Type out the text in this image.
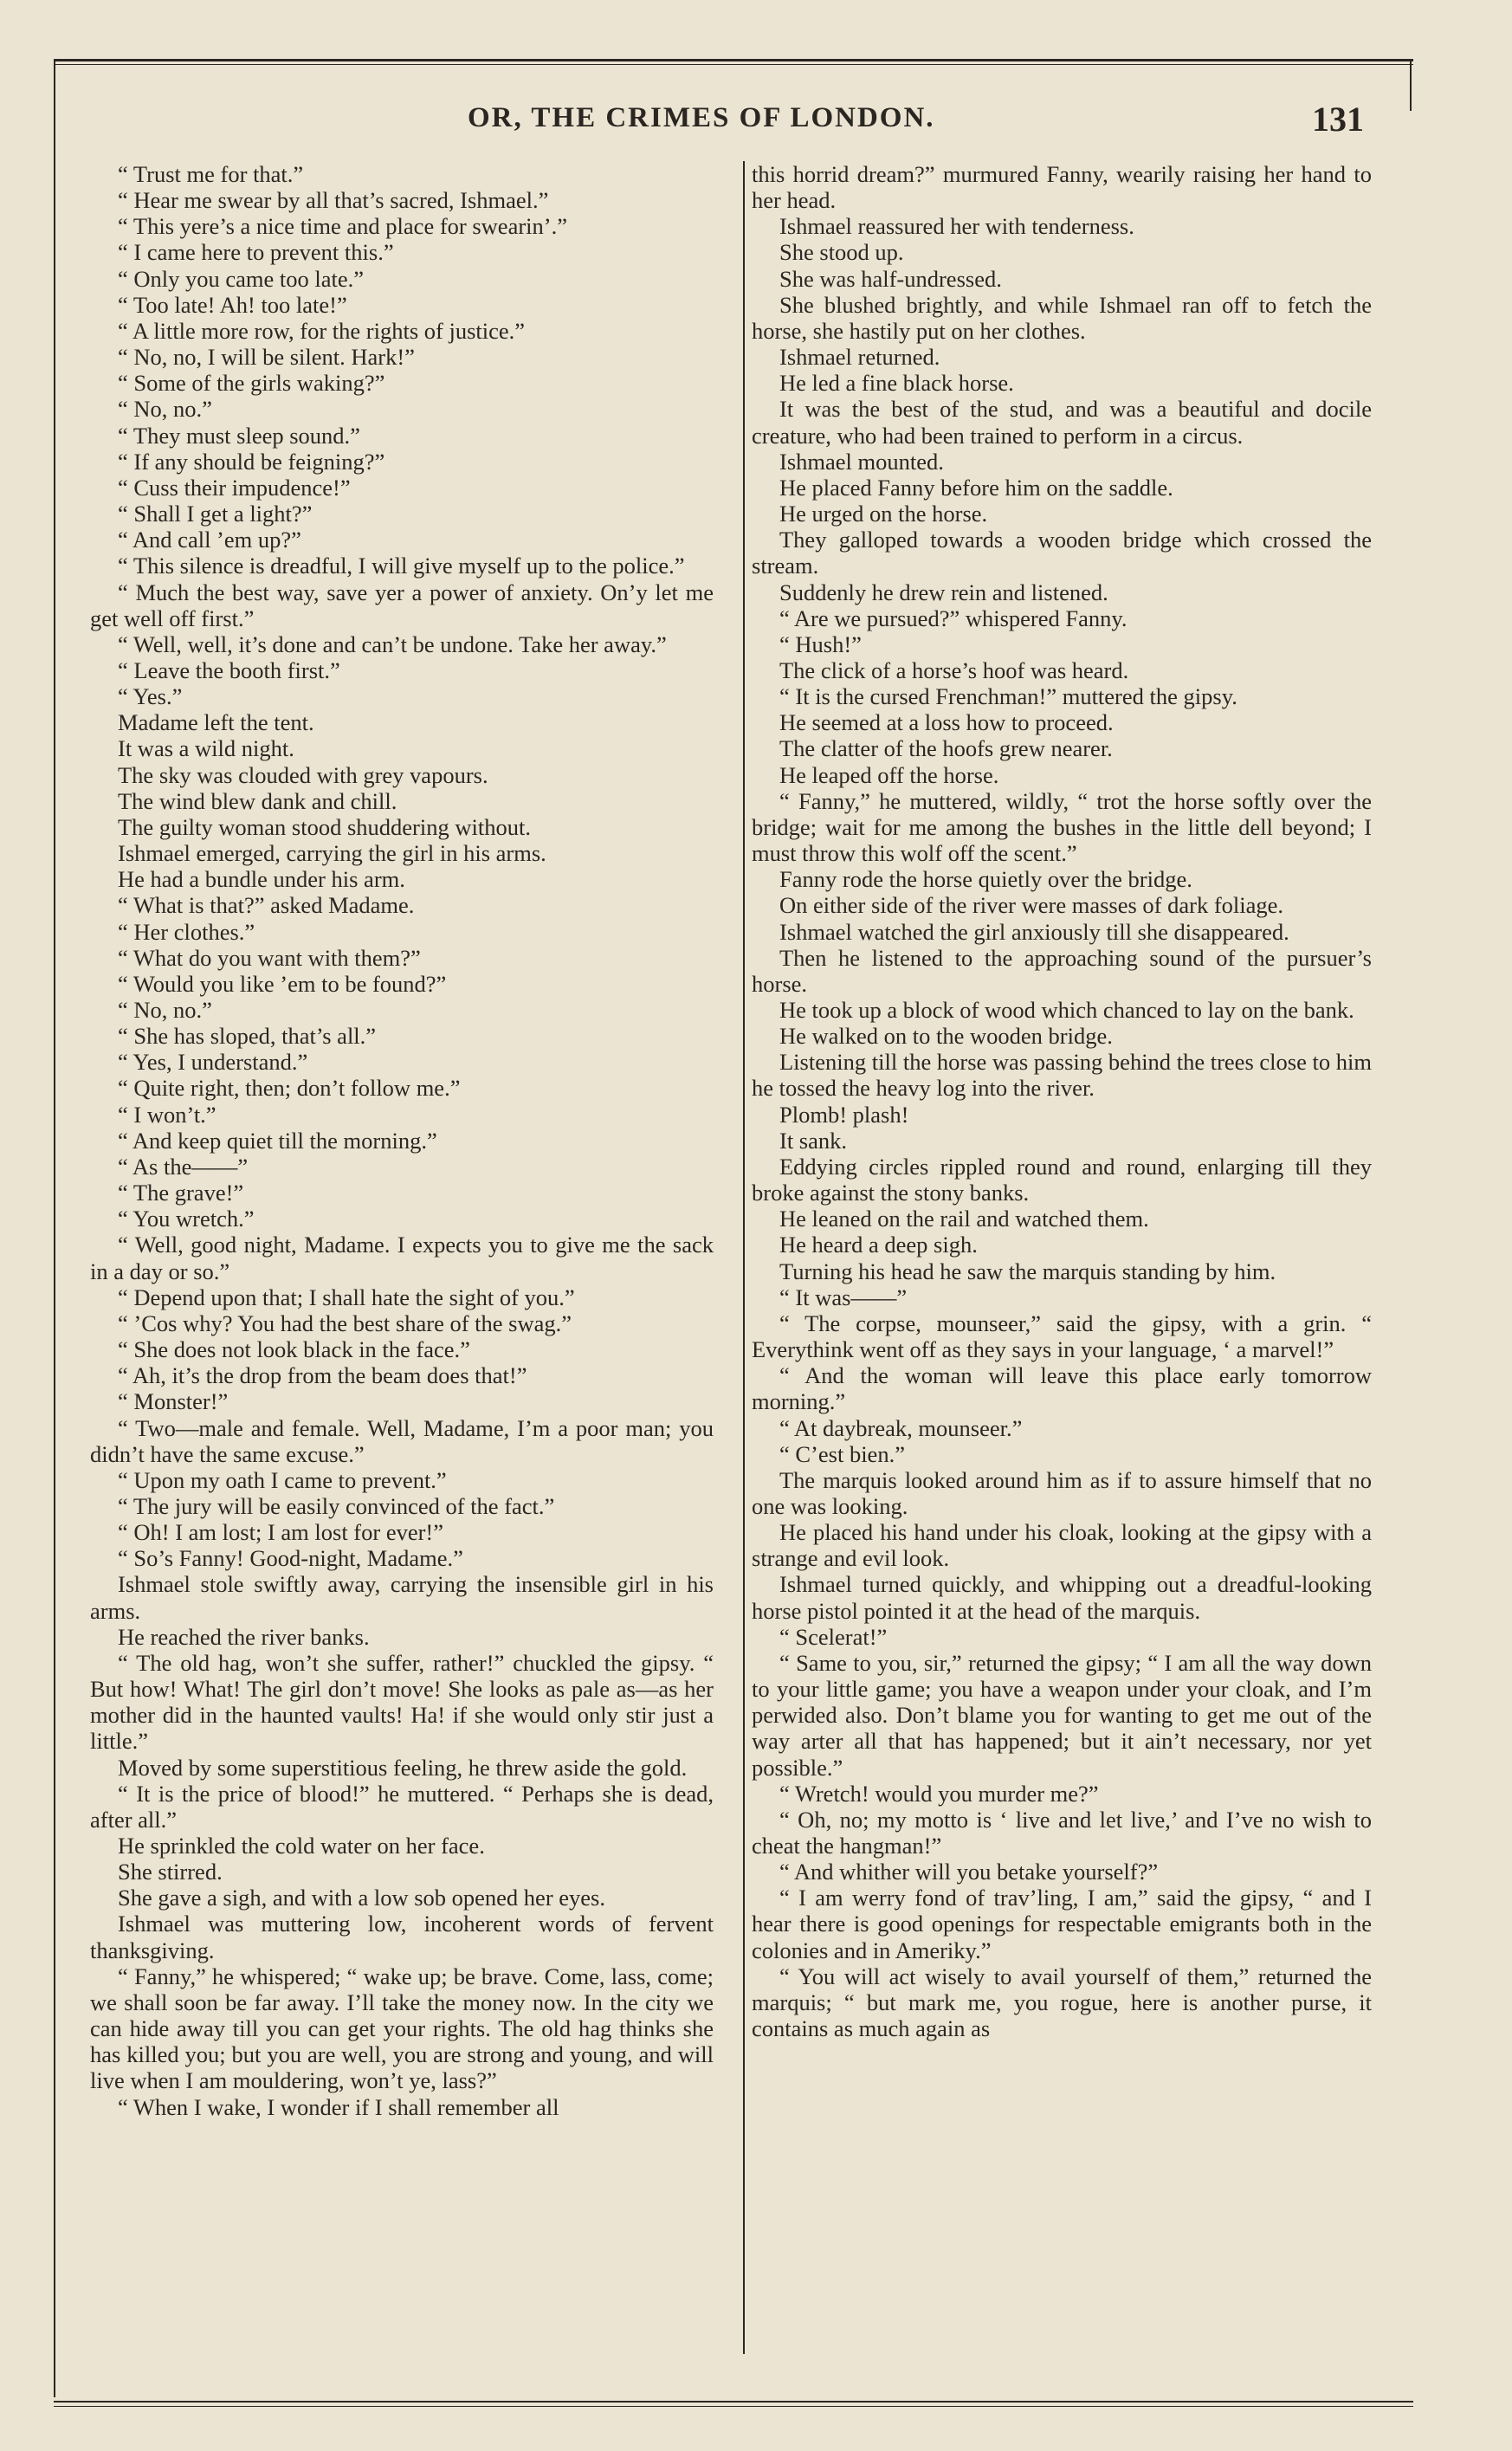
OR, THE CRIMES OF LONDON.	131

“ Trust me for that.”

“ Hear me swear by all that’s sacred, Ishmael.”

“ This yere’s a nice time and place for swearin’.”

“ I came here to prevent this.”

“ Only you came too late.”

“ Too late! Ah! too late!”

“ A little more row, for the rights of justice.”

“ No, no, I will be silent. Hark!”

“ Some of the girls waking?”

“ No, no.”

“ They must sleep sound.”

“ If any should be feigning?”

“ Cuss their impudence!”

“ Shall I get a light?”

“ And call ’em up?”

“ This silence is dreadful, I will give myself up to the police.”

“ Much the best way, save yer a power of anxiety. On’y let me get well off first.”

“ Well, well, it’s done and can’t be undone. Take her away.”

“ Leave the booth first.”

“ Yes.”

Madame left the tent.

It was a wild night.

The sky was clouded with grey vapours.

The wind blew dank and chill.

The guilty woman stood shuddering without.

Ishmael emerged, carrying the girl in his arms.

He had a bundle under his arm.

“ What is that?” asked Madame.

“ Her clothes.”

“ What do you want with them?”

“ Would you like ’em to be found?”

“ No, no.”

“ She has sloped, that’s all.”

“ Yes, I understand.”

“ Quite right, then; don’t follow me.”

“ I won’t.”

“ And keep quiet till the morning.”

“ As the——”

“ The grave!”

“ You wretch.”

“ Well, good night, Madame. I expects you to give me the sack in a day or so.”

“ Depend upon that; I shall hate the sight of you.”

“ ’Cos why? You had the best share of the swag.”

“ She does not look black in the face.”

“ Ah, it’s the drop from the beam does that!”

“ Monster!”

“ Two—male and female. Well, Madame, I’m a poor man; you didn’t have the same excuse.”

“ Upon my oath I came to prevent.”

“ The jury will be easily convinced of the fact.”

“ Oh! I am lost; I am lost for ever!”

“ So’s Fanny! Good-night, Madame.”

Ishmael stole swiftly away, carrying the insensible girl in his arms.

He reached the river banks.

“ The old hag, won’t she suffer, rather!” chuckled the gipsy. “ But how! What! The girl don’t move! She looks as pale as—as her mother did in the haunted vaults! Ha! if she would only stir just a little.”

Moved by some superstitious feeling, he threw aside the gold.

“ It is the price of blood!” he muttered. “ Perhaps she is dead, after all.”

He sprinkled the cold water on her face.

She stirred.

She gave a sigh, and with a low sob opened her eyes.

Ishmael was muttering low, incoherent words of fervent thanksgiving.

“ Fanny,” he whispered; “ wake up; be brave. Come, lass, come; we shall soon be far away. I’ll take the money now. In the city we can hide away till you can get your rights. The old hag thinks she has killed you; but you are well, you are strong and young, and will live when I am mouldering, won’t ye, lass?”

“ When I wake, I wonder if I shall remember all

this horrid dream?” murmured Fanny, wearily raising her hand to her head.

Ishmael reassured her with tenderness.

She stood up.

She was half-undressed.

She blushed brightly, and while Ishmael ran off to fetch the horse, she hastily put on her clothes.

Ishmael returned.

He led a fine black horse.

It was the best of the stud, and was a beautiful and docile creature, who had been trained to perform in a circus.

Ishmael mounted.

He placed Fanny before him on the saddle.

He urged on the horse.

They galloped towards a wooden bridge which crossed the stream.

Suddenly he drew rein and listened.

“ Are we pursued?” whispered Fanny.

“ Hush!”

The click of a horse’s hoof was heard.

“ It is the cursed Frenchman!” muttered the gipsy.

He seemed at a loss how to proceed.

The clatter of the hoofs grew nearer.

He leaped off the horse.

“ Fanny,” he muttered, wildly, “ trot the horse softly over the bridge; wait for me among the bushes in the little dell beyond; I must throw this wolf off the scent.”

Fanny rode the horse quietly over the bridge.

On either side of the river were masses of dark foliage.

Ishmael watched the girl anxiously till she disappeared.

Then he listened to the approaching sound of the pursuer’s horse.

He took up a block of wood which chanced to lay on the bank.

He walked on to the wooden bridge.

Listening till the horse was passing behind the trees close to him he tossed the heavy log into the river.

Plomb! plash!

It sank.

Eddying circles rippled round and round, enlarging till they broke against the stony banks.

He leaned on the rail and watched them.

He heard a deep sigh.

Turning his head he saw the marquis standing by him.

“ It was——”

“ The corpse, mounseer,” said the gipsy, with a grin. “ Everythink went off as they says in your language, ‘ a marvel!”

“ And the woman will leave this place early tomorrow morning.”

“ At daybreak, mounseer.”

“ C’est bien.”

The marquis looked around him as if to assure himself that no one was looking.

He placed his hand under his cloak, looking at the gipsy with a strange and evil look.

Ishmael turned quickly, and whipping out a dreadful-looking horse pistol pointed it at the head of the marquis.

“ Scelerat!”

“ Same to you, sir,” returned the gipsy; “ I am all the way down to your little game; you have a weapon under your cloak, and I’m perwided also. Don’t blame you for wanting to get me out of the way arter all that has happened; but it ain’t necessary, nor yet possible.”

“ Wretch! would you murder me?”

“ Oh, no; my motto is ‘ live and let live,’ and I’ve no wish to cheat the hangman!”

“ And whither will you betake yourself?”

“ I am werry fond of trav’ling, I am,” said the gipsy, “ and I hear there is good openings for respectable emigrants both in the colonies and in Ameriky.”

“ You will act wisely to avail yourself of them,” returned the marquis; “ but mark me, you rogue, here is another purse, it contains as much again as
